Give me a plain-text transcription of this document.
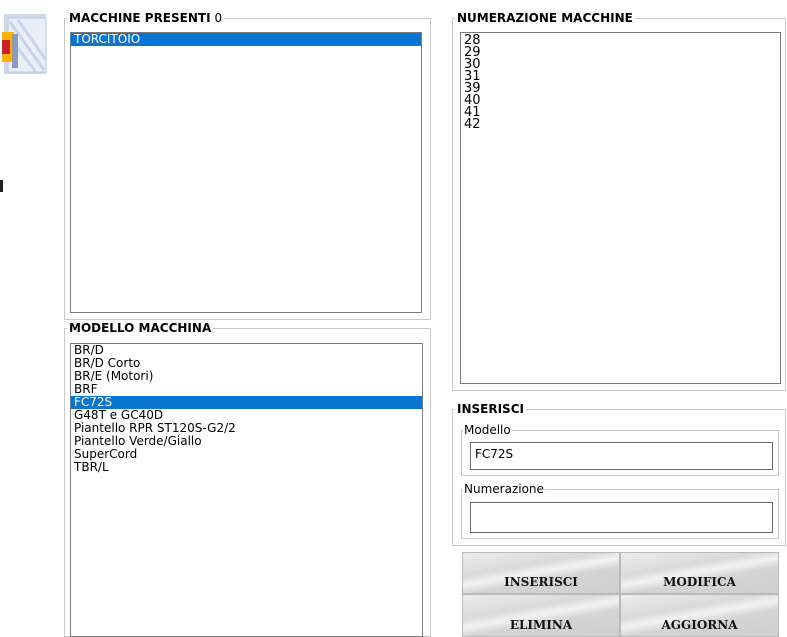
MACCHINE PRESENTI 0
TORCITOIO
NUMERAZIONE MACCHINE
28
29
30
31
39
40
41
42
MODELLO MACCHINA
BR/D
BR/D Corto
BR/E (Motori)
BRF
FC72S
G48T e GC40D
Piantello RPR ST120S-G2/2
Piantello Verde/Giallo
SuperCord
TBR/L
INSERISCI
Modello
FC72S
Numerazione
INSERISCI	MODIFICA
ELIMINA	AGGIORNA
